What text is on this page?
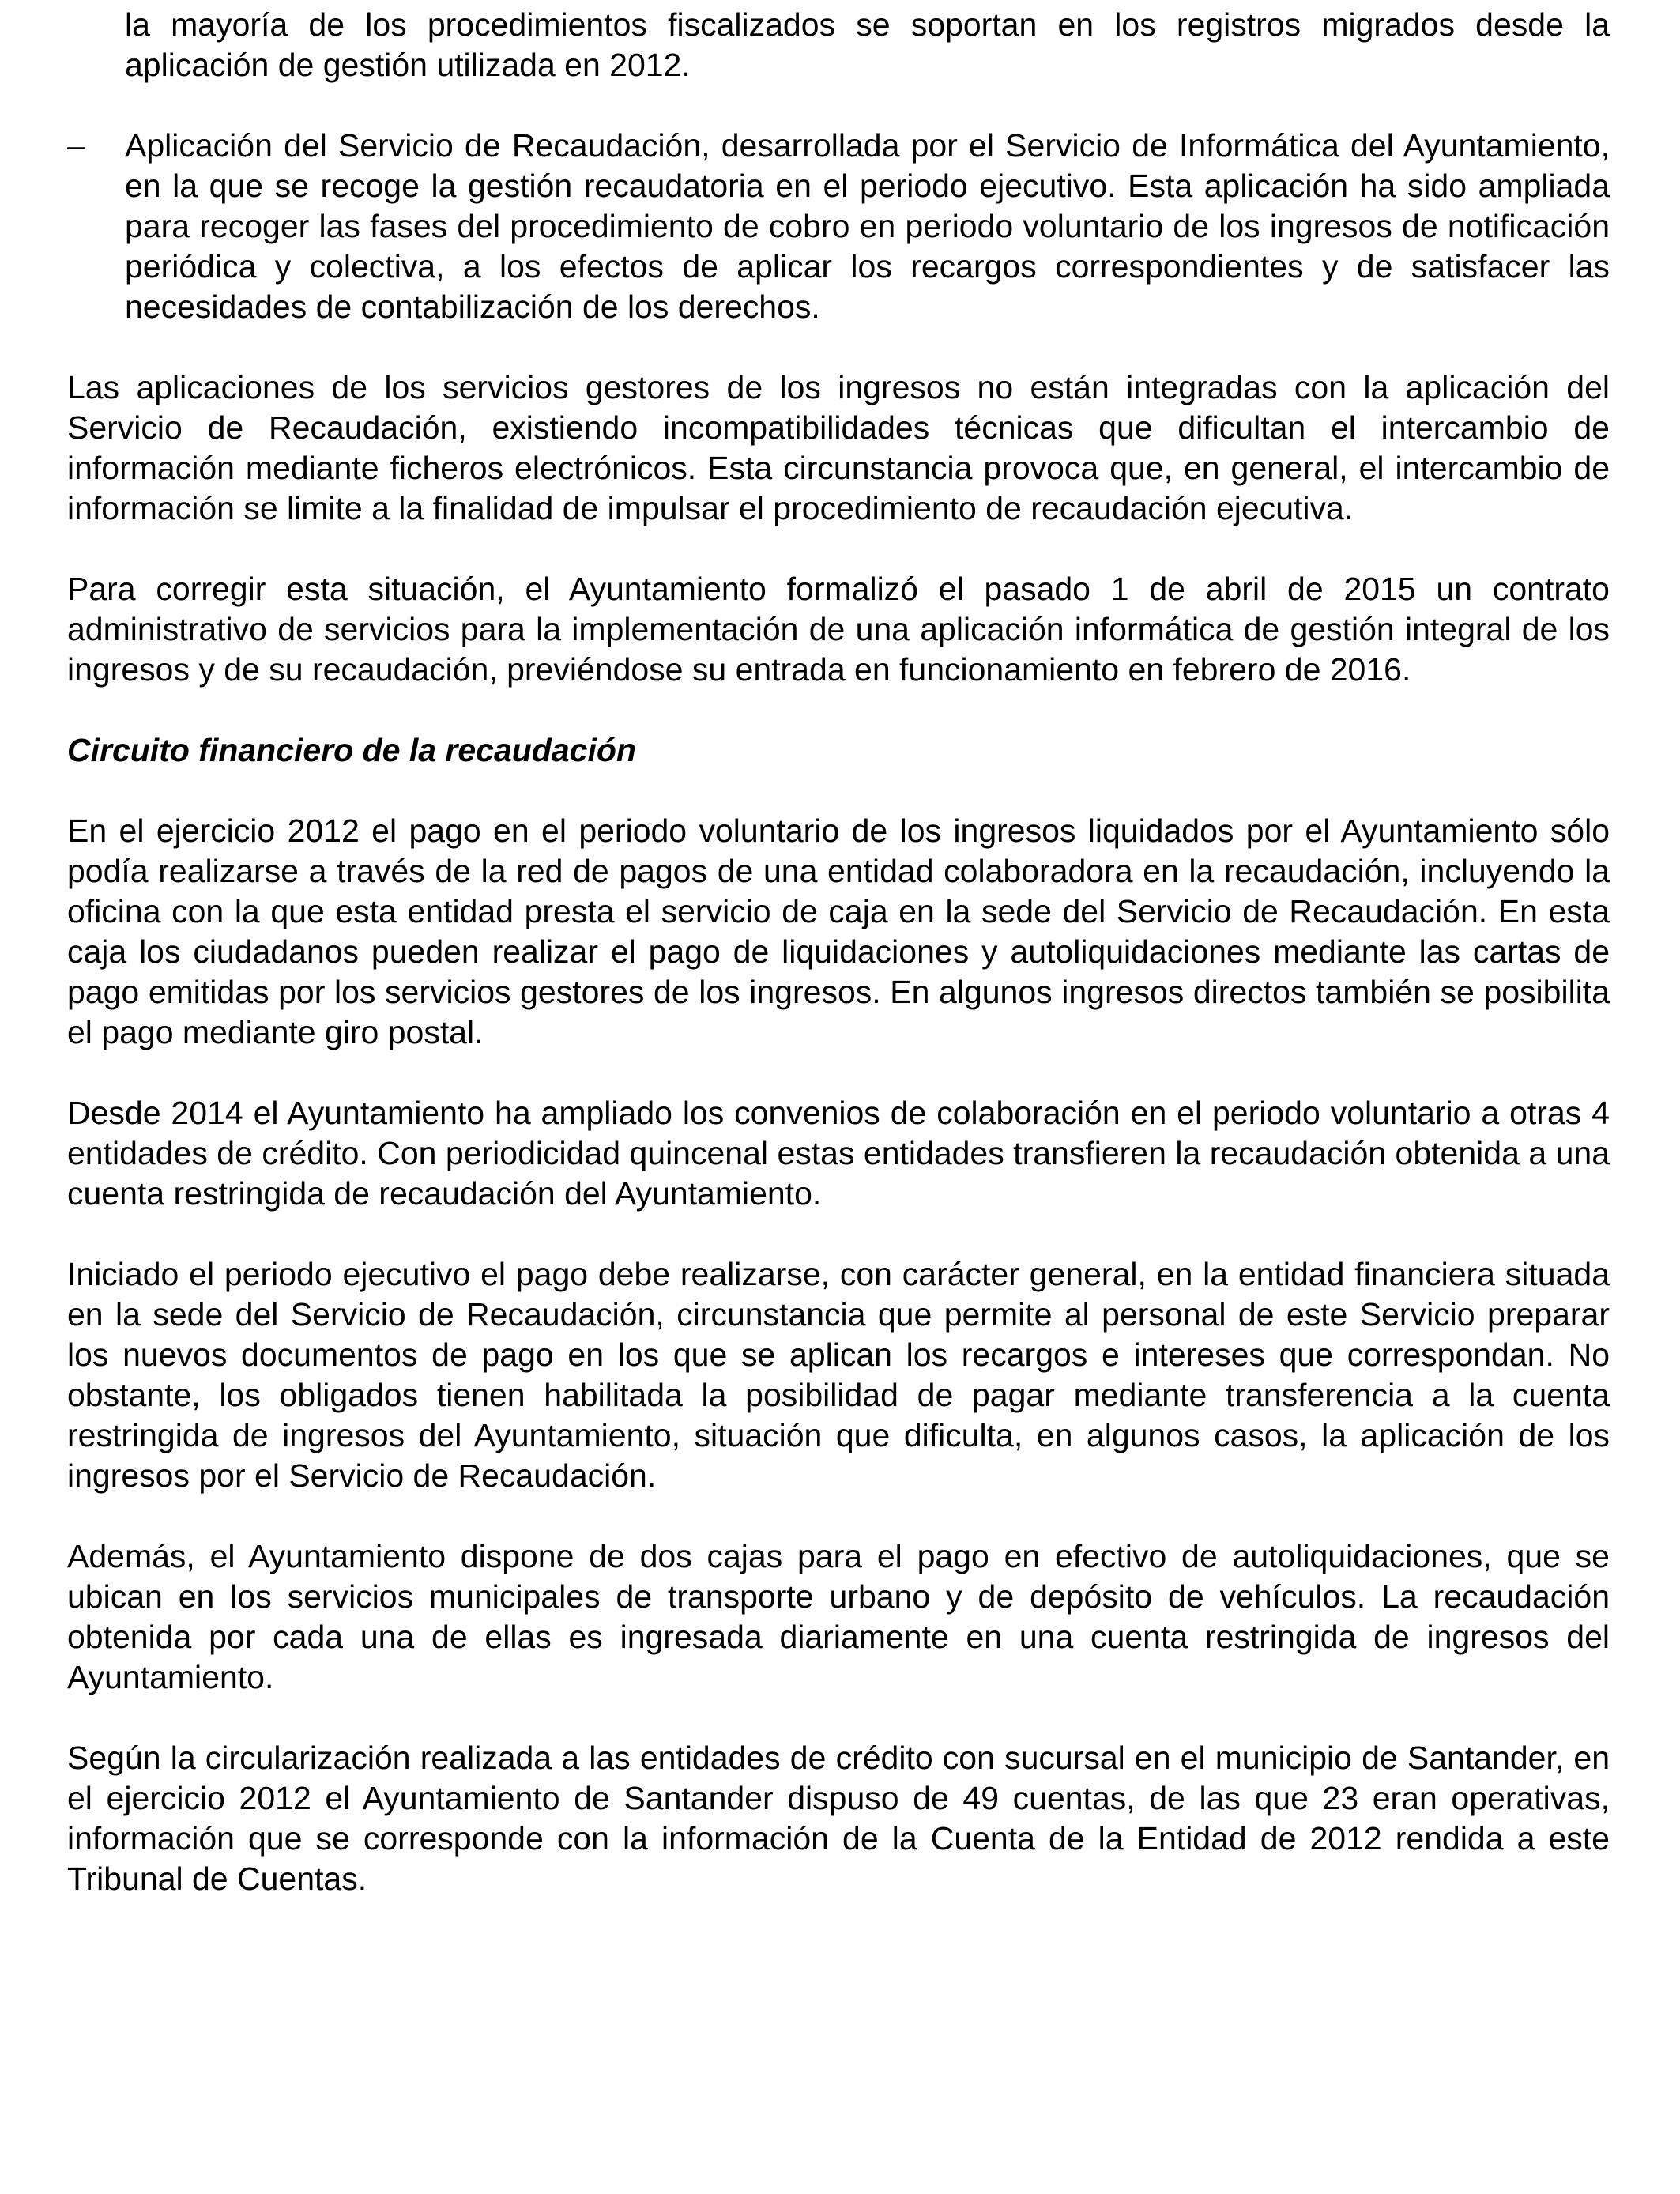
la mayoría de los procedimientos fiscalizados se soportan en los registros migrados desde la aplicación de gestión utilizada en 2012.

–	Aplicación del Servicio de Recaudación, desarrollada por el Servicio de Informática del Ayuntamiento, en la que se recoge la gestión recaudatoria en el periodo ejecutivo. Esta aplicación ha sido ampliada para recoger las fases del procedimiento de cobro en periodo voluntario de los ingresos de notificación periódica y colectiva, a los efectos de aplicar los recargos correspondientes y de satisfacer las necesidades de contabilización de los derechos.

Las aplicaciones de los servicios gestores de los ingresos no están integradas con la aplicación del Servicio de Recaudación, existiendo incompatibilidades técnicas que dificultan el intercambio de información mediante ficheros electrónicos. Esta circunstancia provoca que, en general, el intercambio de información se limite a la finalidad de impulsar el procedimiento de recaudación ejecutiva.

Para corregir esta situación, el Ayuntamiento formalizó el pasado 1 de abril de 2015 un contrato administrativo de servicios para la implementación de una aplicación informática de gestión integral de los ingresos y de su recaudación, previéndose su entrada en funcionamiento en febrero de 2016.

Circuito financiero de la recaudación

En el ejercicio 2012 el pago en el periodo voluntario de los ingresos liquidados por el Ayuntamiento sólo podía realizarse a través de la red de pagos de una entidad colaboradora en la recaudación, incluyendo la oficina con la que esta entidad presta el servicio de caja en la sede del Servicio de Recaudación. En esta caja los ciudadanos pueden realizar el pago de liquidaciones y autoliquidaciones mediante las cartas de pago emitidas por los servicios gestores de los ingresos. En algunos ingresos directos también se posibilita el pago mediante giro postal.

Desde 2014 el Ayuntamiento ha ampliado los convenios de colaboración en el periodo voluntario a otras 4 entidades de crédito. Con periodicidad quincenal estas entidades transfieren la recaudación obtenida a una cuenta restringida de recaudación del Ayuntamiento.

Iniciado el periodo ejecutivo el pago debe realizarse, con carácter general, en la entidad financiera situada en la sede del Servicio de Recaudación, circunstancia que permite al personal de este Servicio preparar los nuevos documentos de pago en los que se aplican los recargos e intereses que correspondan. No obstante, los obligados tienen habilitada la posibilidad de pagar mediante transferencia a la cuenta restringida de ingresos del Ayuntamiento, situación que dificulta, en algunos casos, la aplicación de los ingresos por el Servicio de Recaudación.

Además, el Ayuntamiento dispone de dos cajas para el pago en efectivo de autoliquidaciones, que se ubican en los servicios municipales de transporte urbano y de depósito de vehículos. La recaudación obtenida por cada una de ellas es ingresada diariamente en una cuenta restringida de ingresos del Ayuntamiento.

Según la circularización realizada a las entidades de crédito con sucursal en el municipio de Santander, en el ejercicio 2012 el Ayuntamiento de Santander dispuso de 49 cuentas, de las que 23 eran operativas, información que se corresponde con la información de la Cuenta de la Entidad de 2012 rendida a este Tribunal de Cuentas.
